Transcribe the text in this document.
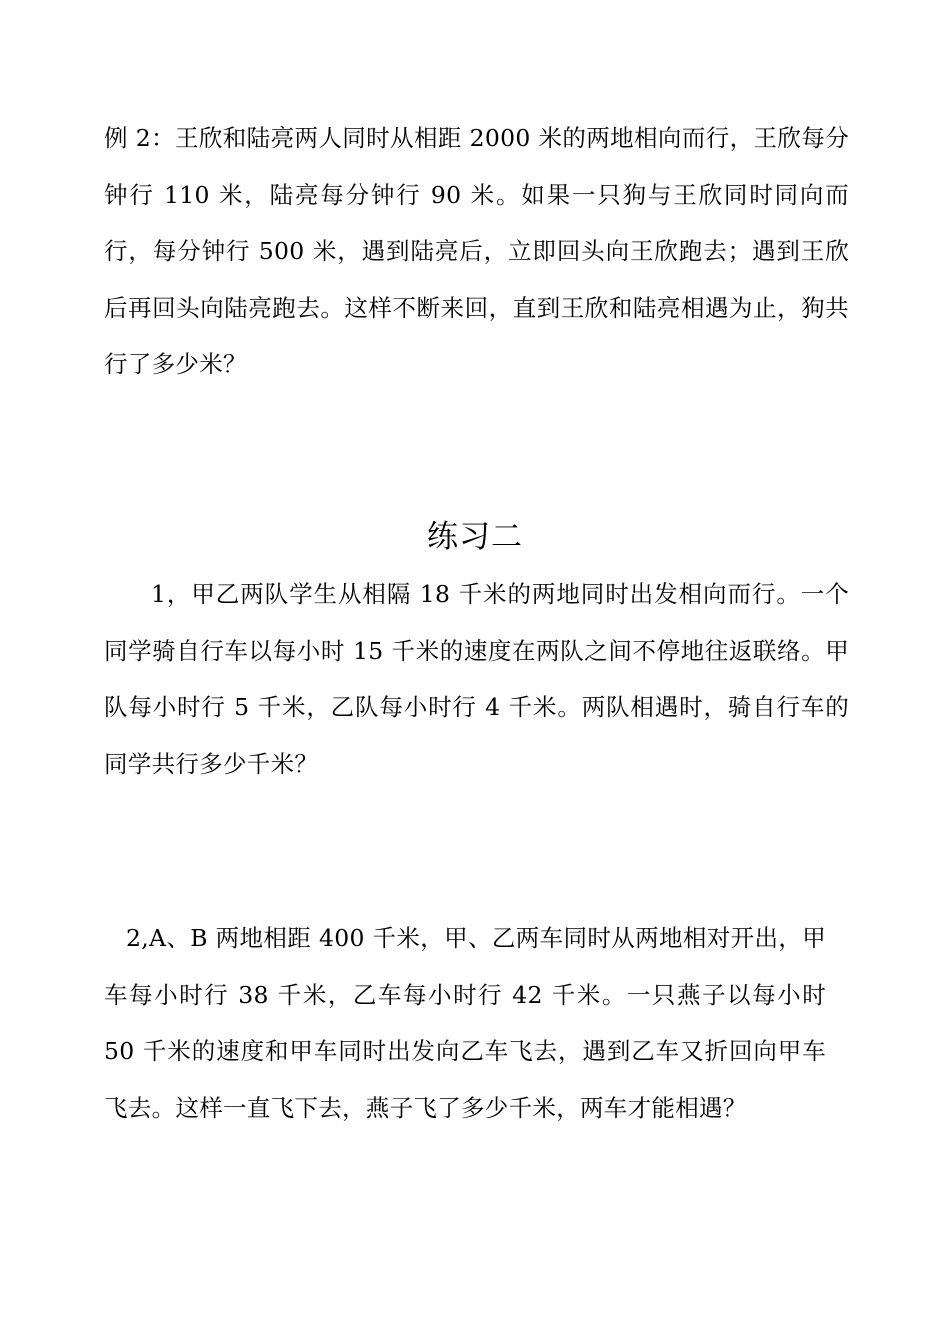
例 2：王欣和陆亮两人同时从相距 2000 米的两地相向而行，王欣每分钟行 110 米，陆亮每分钟行 90 米。如果一只狗与王欣同时同向而行，每分钟行 500 米，遇到陆亮后，立即回头向王欣跑去；遇到王欣后再回头向陆亮跑去。这样不断来回，直到王欣和陆亮相遇为止，狗共行了多少米？

练习二

1，甲乙两队学生从相隔 18 千米的两地同时出发相向而行。一个同学骑自行车以每小时 15 千米的速度在两队之间不停地往返联络。甲队每小时行 5 千米，乙队每小时行 4 千米。两队相遇时，骑自行车的同学共行多少千米？

2,A、B 两地相距 400 千米，甲、乙两车同时从两地相对开出，甲车每小时行 38 千米，乙车每小时行 42 千米。一只燕子以每小时 50 千米的速度和甲车同时出发向乙车飞去，遇到乙车又折回向甲车飞去。这样一直飞下去，燕子飞了多少千米，两车才能相遇？
